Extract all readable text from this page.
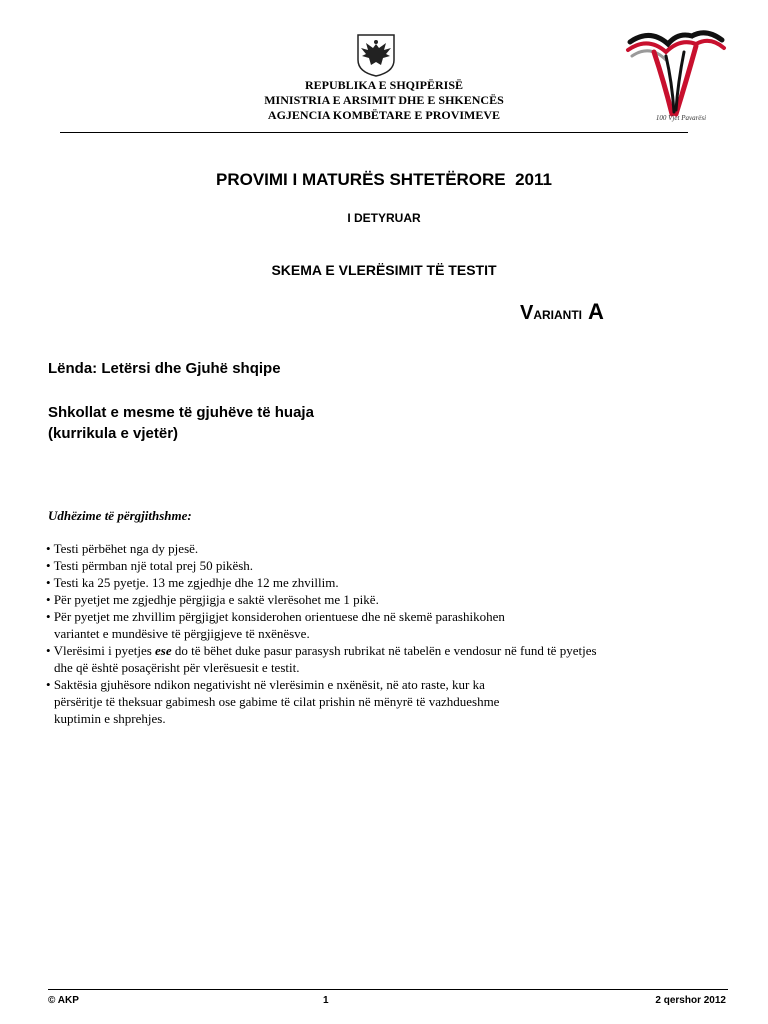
REPUBLIKA E SHQIPËRISË
MINISTRIA E ARSIMIT DHE E SHKENCËS
AGJENCIA KOMBËTARE E PROVIMEVE	100 Vjet Pavarësi
PROVIMI I MATURËS SHTETËRORE  2011
I DETYRUAR
SKEMA E VLERËSIMIT TË TESTIT
VARIANTI A
Lënda: Letërsi dhe Gjuhë shqipe
Shkollat e mesme të gjuhëve të huaja
(kurrikula e vjetër)
Udhëzime të përgjithshme:
• Testi përbëhet nga dy pjesë.
• Testi përmban një total prej 50 pikësh.
• Testi ka 25 pyetje. 13 me zgjedhje dhe 12 me zhvillim.
• Për pyetjet me zgjedhje përgjigja e saktë vlerësohet me 1 pikë.
• Për pyetjet me zhvillim përgjigjet konsiderohen orientuese dhe në skemë parashikohen
variantet e mundësive të përgjigjeve të nxënësve.
• Vlerësimi i pyetjes ese do të bëhet duke pasur parasysh rubrikat në tabelën e vendosur në fund të pyetjes
dhe që është posaçërisht për vlerësuesit e testit.
• Saktësia gjuhësore ndikon negativisht në vlerësimin e nxënësit, në ato raste, kur ka
përsëritje të theksuar gabimesh ose gabime të cilat prishin në mënyrë të vazhdueshme
kuptimin e shprehjes.
© AKP	1	2 qershor 2012
